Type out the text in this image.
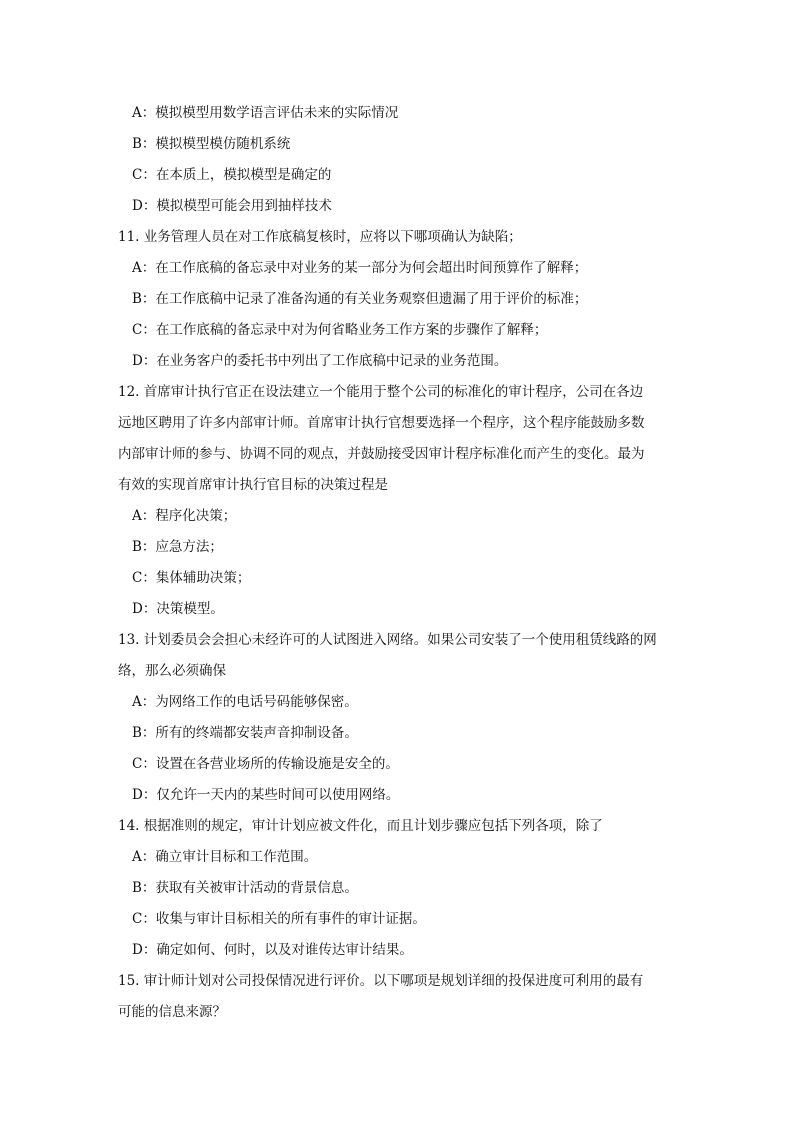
A：模拟模型用数学语言评估未来的实际情况
B：模拟模型模仿随机系统
C：在本质上，模拟模型是确定的
D：模拟模型可能会用到抽样技术
11. 业务管理人员在对工作底稿复核时，应将以下哪项确认为缺陷；
A：在工作底稿的备忘录中对业务的某一部分为何会超出时间预算作了解释；
B：在工作底稿中记录了准备沟通的有关业务观察但遗漏了用于评价的标准；
C：在工作底稿的备忘录中对为何省略业务工作方案的步骤作了解释；
D：在业务客户的委托书中列出了工作底稿中记录的业务范围。
12. 首席审计执行官正在设法建立一个能用于整个公司的标准化的审计程序，公司在各边
远地区聘用了许多内部审计师。首席审计执行官想要选择一个程序，这个程序能鼓励多数
内部审计师的参与、协调不同的观点，并鼓励接受因审计程序标准化而产生的变化。最为
有效的实现首席审计执行官目标的决策过程是
A：程序化决策；
B：应急方法；
C：集体辅助决策；
D：决策模型。
13. 计划委员会会担心未经许可的人试图进入网络。如果公司安装了一个使用租赁线路的网
络，那么必须确保
A：为网络工作的电话号码能够保密。
B：所有的终端都安装声音抑制设备。
C：设置在各营业场所的传输设施是安全的。
D：仅允许一天内的某些时间可以使用网络。
14. 根据准则的规定，审计计划应被文件化，而且计划步骤应包括下列各项，除了
A：确立审计目标和工作范围。
B：获取有关被审计活动的背景信息。
C：收集与审计目标相关的所有事件的审计证据。
D：确定如何、何时，以及对谁传达审计结果。
15. 审计师计划对公司投保情况进行评价。以下哪项是规划详细的投保进度可利用的最有
可能的信息来源？
